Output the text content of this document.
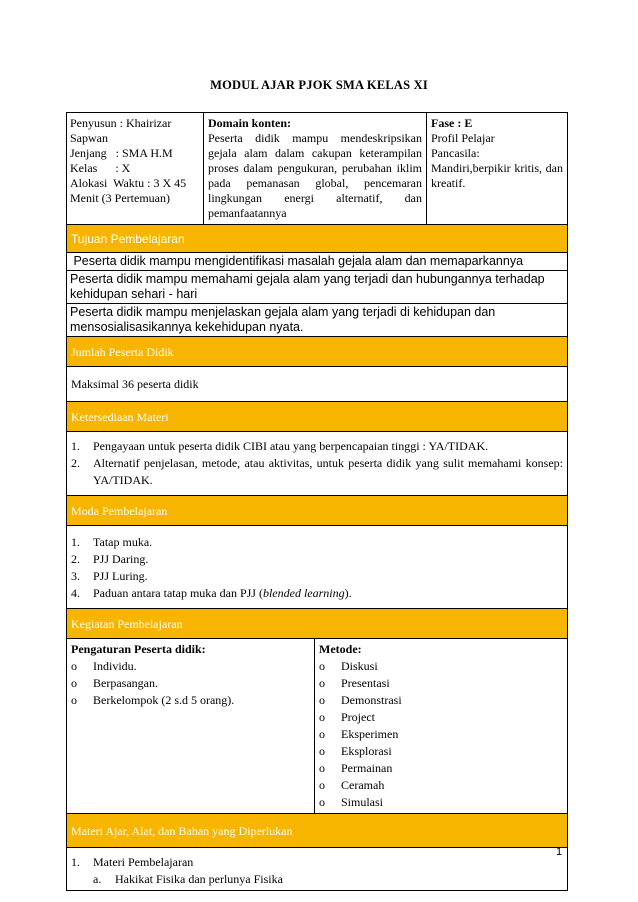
MODUL AJAR PJOK SMA KELAS XI
Penyusun : Khairizar
Sapwan
Jenjang   : SMA H.M
Kelas      : X
Alokasi  Waktu : 3 X 45
Menit (3 Pertemuan)
Domain konten:
Peserta didik mampu mendeskripsikan gejala alam dalam cakupan keterampilan proses dalam pengukuran, perubahan iklim pada pemanasan global, pencemaran lingkungan energi alternatif, dan pemanfaatannya
Fase : E
Profil Pelajar
Pancasila:
Mandiri,berpikir kritis, dan kreatif.
Tujuan Pembelajaran
Peserta didik mampu mengidentifikasi masalah gejala alam dan memaparkannya
Peserta didik mampu memahami gejala alam yang terjadi dan hubungannya terhadap kehidupan sehari - hari
Peserta didik mampu menjelaskan gejala alam yang terjadi di kehidupan dan mensosialisasikannya kekehidupan nyata.
Jumlah Peserta Didik
Maksimal 36 peserta didik
Ketersediaan Materi
1.	Pengayaan untuk peserta didik CIBI atau yang berpencapaian tinggi : YA/TIDAK.
2.	Alternatif penjelasan, metode, atau aktivitas, untuk peserta didik yang sulit memahami konsep: YA/TIDAK.
Moda Pembelajaran
1.	Tatap muka.
2.	PJJ Daring.
3.	PJJ Luring.
4.	Paduan antara tatap muka dan PJJ (blended learning).
Kegiatan Pembelajaran
Pengaturan Peserta didik:
o	Individu.
o	Berpasangan.
o	Berkelompok (2 s.d 5 orang).
Metode:
o	Diskusi
o	Presentasi
o	Demonstrasi
o	Project
o	Eksperimen
o	Eksplorasi
o	Permainan
o	Ceramah
o	Simulasi
Materi Ajar, Alat, dan Bahan yang Diperlukan
1.	Materi Pembelajaran
a.	Hakikat Fisika dan perlunya Fisika
1
